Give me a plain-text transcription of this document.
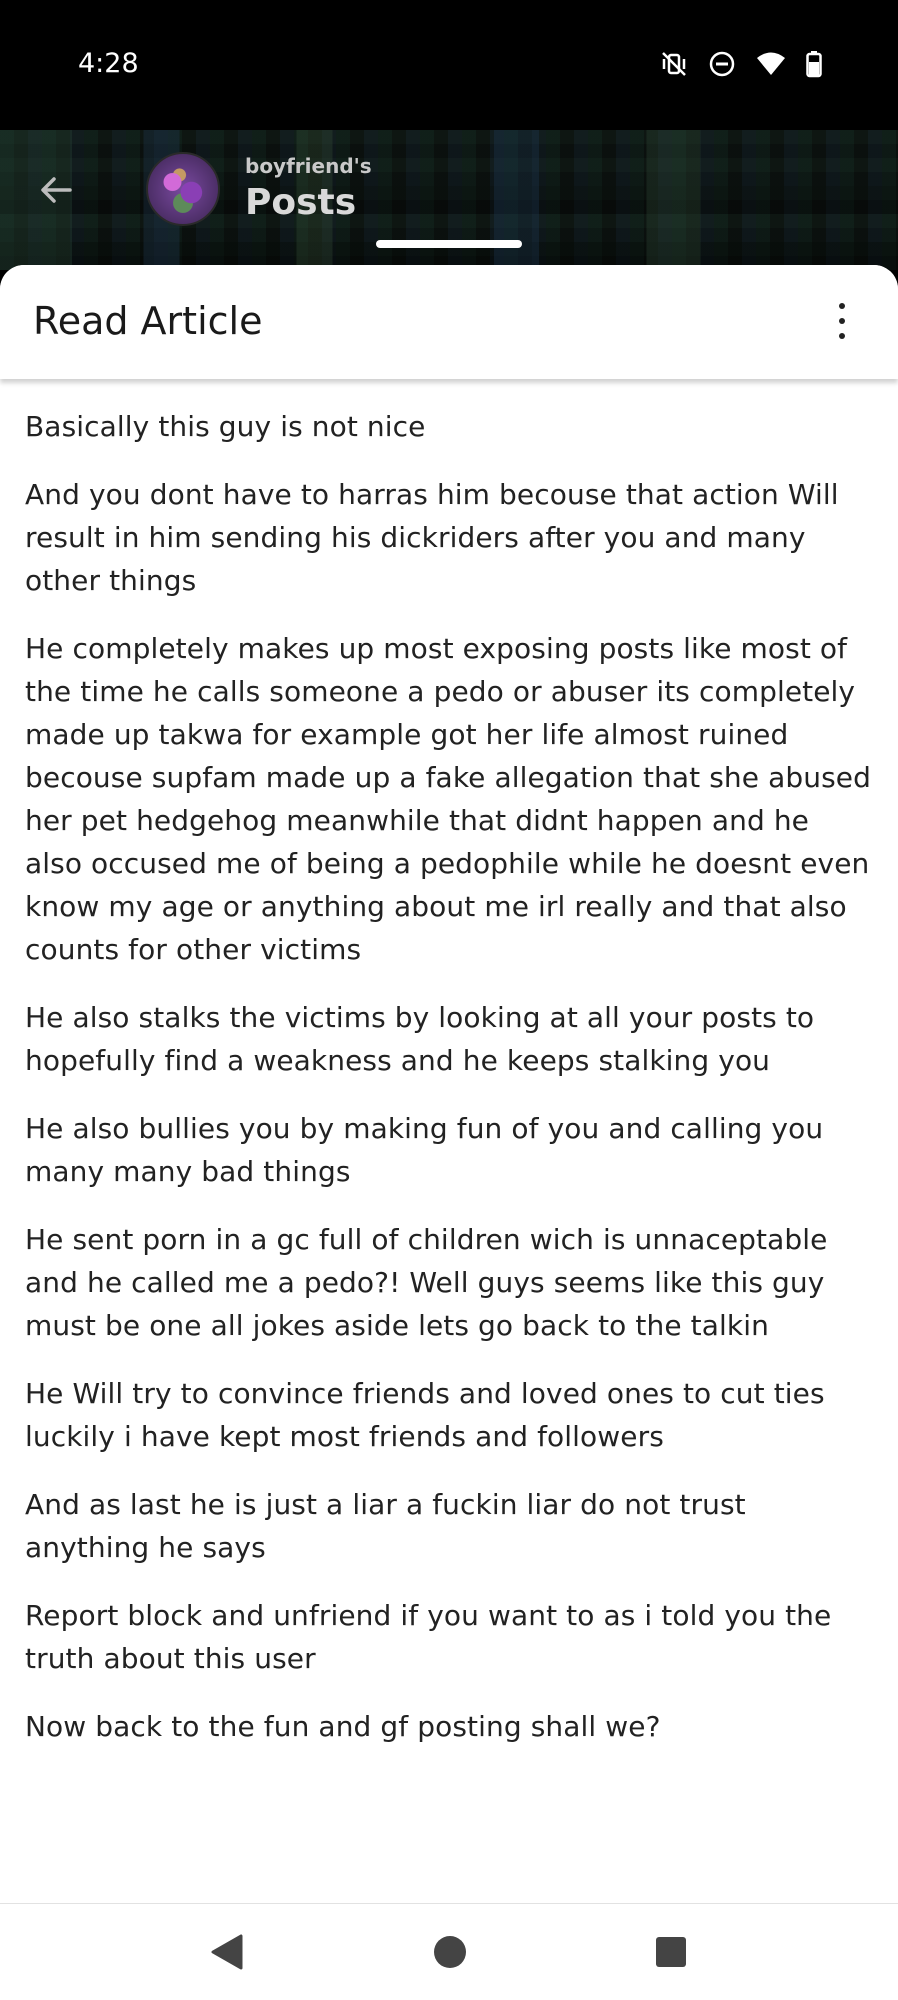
4:28
boyfriend's
Posts
Read Article

Basically this guy is not nice

And you dont have to harras him becouse that action Will result in him sending his dickriders after you and many other things

He completely makes up most exposing posts like most of the time he calls someone a pedo or abuser its completely made up takwa for example got her life almost ruined becouse supfam made up a fake allegation that she abused her pet hedgehog meanwhile that didnt happen and he also occused me of being a pedophile while he doesnt even know my age or anything about me irl really and that also counts for other victims

He also stalks the victims by looking at all your posts to hopefully find a weakness and he keeps stalking you

He also bullies you by making fun of you and calling you many many bad things

He sent porn in a gc full of children wich is unnaceptable and he called me a pedo?! Well guys seems like this guy must be one all jokes aside lets go back to the talkin

He Will try to convince friends and loved ones to cut ties luckily i have kept most friends and followers

And as last he is just a liar a fuckin liar do not trust anything he says

Report block and unfriend if you want to as i told you the truth about this user

Now back to the fun and gf posting shall we?
